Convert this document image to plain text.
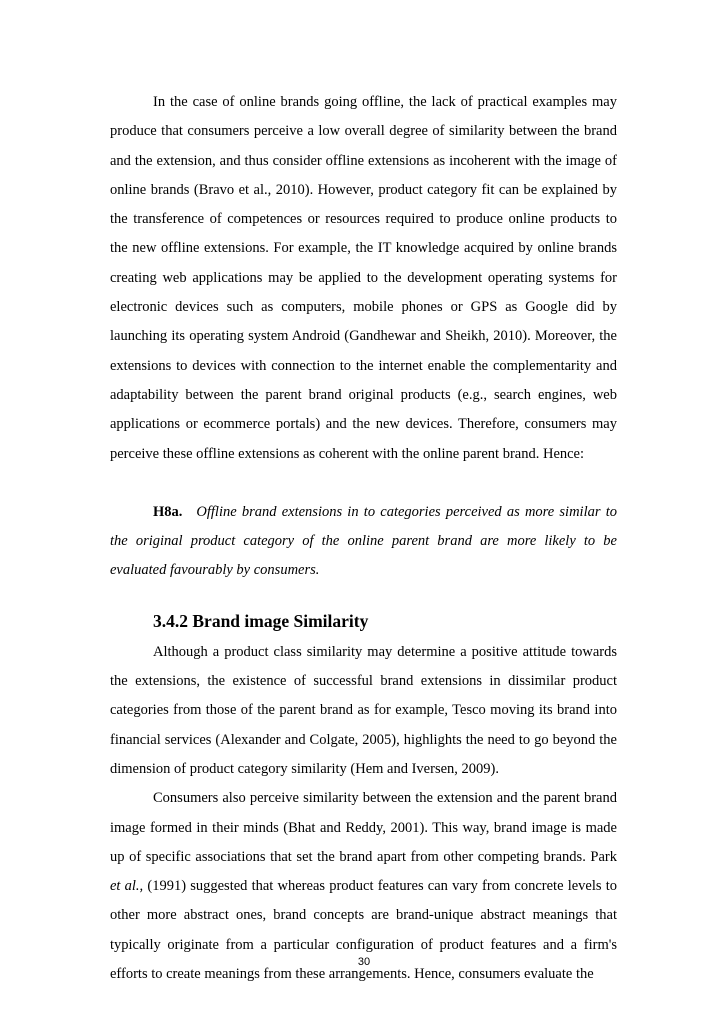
In the case of online brands going offline, the lack of practical examples may produce that consumers perceive a low overall degree of similarity between the brand and the extension, and thus consider offline extensions as incoherent with the image of online brands (Bravo et al., 2010). However, product category fit can be explained by the transference of competences or resources required to produce online products to the new offline extensions. For example, the IT knowledge acquired by online brands creating web applications may be applied to the development operating systems for electronic devices such as computers, mobile phones or GPS as Google did by launching its operating system Android (Gandhewar and Sheikh, 2010). Moreover, the extensions to devices with connection to the internet enable the complementarity and adaptability between the parent brand original products (e.g., search engines, web applications or ecommerce portals) and the new devices. Therefore, consumers may perceive these offline extensions as coherent with the online parent brand. Hence:

H8a. Offline brand extensions in to categories perceived as more similar to the original product category of the online parent brand are more likely to be evaluated favourably by consumers.

3.4.2 Brand image Similarity

Although a product class similarity may determine a positive attitude towards the extensions, the existence of successful brand extensions in dissimilar product categories from those of the parent brand as for example, Tesco moving its brand into financial services (Alexander and Colgate, 2005), highlights the need to go beyond the dimension of product category similarity (Hem and Iversen, 2009).

Consumers also perceive similarity between the extension and the parent brand image formed in their minds (Bhat and Reddy, 2001). This way, brand image is made up of specific associations that set the brand apart from other competing brands. Park et al., (1991) suggested that whereas product features can vary from concrete levels to other more abstract ones, brand concepts are brand-unique abstract meanings that typically originate from a particular configuration of product features and a firm's efforts to create meanings from these arrangements. Hence, consumers evaluate the

30
